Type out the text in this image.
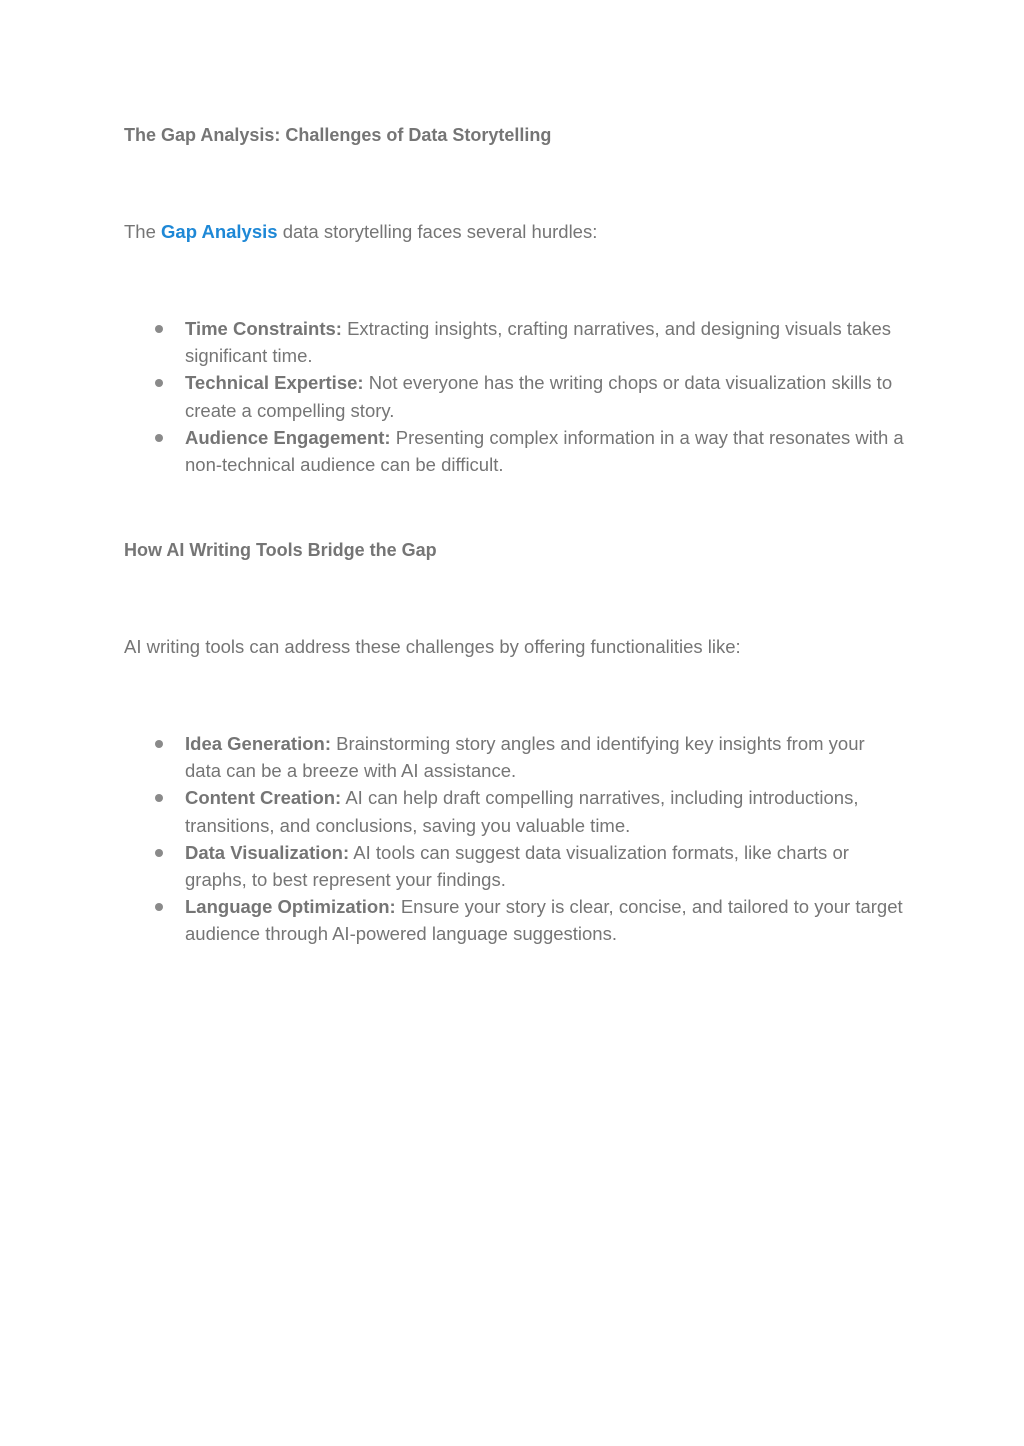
The Gap Analysis: Challenges of Data Storytelling

The Gap Analysis data storytelling faces several hurdles:

Time Constraints: Extracting insights, crafting narratives, and designing visuals takes significant time.
Technical Expertise: Not everyone has the writing chops or data visualization skills to create a compelling story.
Audience Engagement: Presenting complex information in a way that resonates with a non-technical audience can be difficult.
How AI Writing Tools Bridge the Gap

AI writing tools can address these challenges by offering functionalities like:

Idea Generation: Brainstorming story angles and identifying key insights from your data can be a breeze with AI assistance.
Content Creation: AI can help draft compelling narratives, including introductions, transitions, and conclusions, saving you valuable time.
Data Visualization: AI tools can suggest data visualization formats, like charts or graphs, to best represent your findings.
Language Optimization: Ensure your story is clear, concise, and tailored to your target audience through AI-powered language suggestions.
